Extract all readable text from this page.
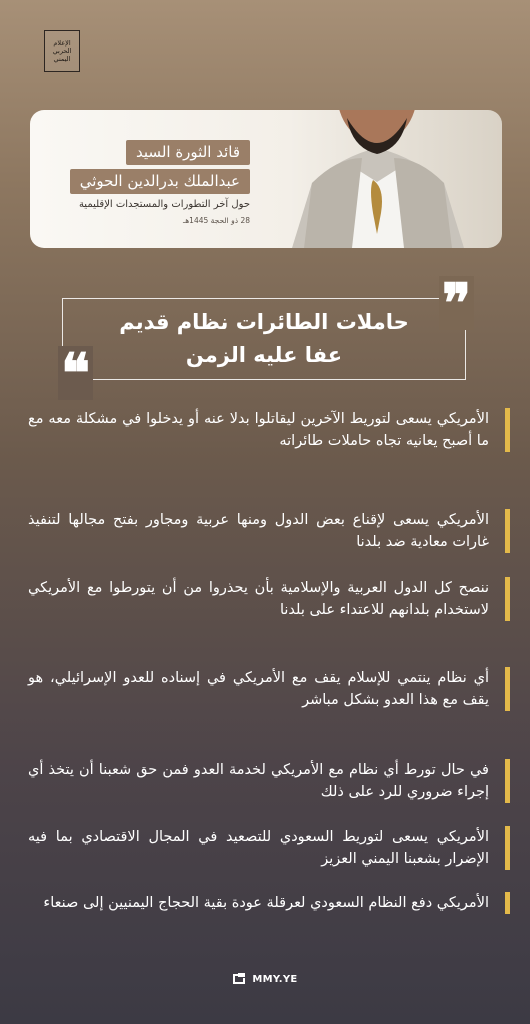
الإعلام
الحربي
اليمني
قائد الثورة السيد
عبدالملك بدرالدين الحوثي
حول آخر التطورات والمستجدات الإقليمية
28 ذو الحجة 1445هـ
حاملات الطائرات نظام قديم
عفا عليه الزمن
❞
❝
الأمريكي يسعى لتوريط الآخرين ليقاتلوا بدلا عنه أو يدخلوا في مشكلة معه مع ما أصبح يعانيه تجاه حاملات طائراته
الأمريكي يسعى لإقناع بعض الدول ومنها عربية ومجاور بفتح مجالها لتنفيذ غارات معادية ضد بلدنا
ننصح كل الدول العربية والإسلامية بأن يحذروا من أن يتورطوا مع الأمريكي لاستخدام بلدانهم للاعتداء على بلدنا
أي نظام ينتمي للإسلام يقف مع الأمريكي في إسناده للعدو الإسرائيلي، هو يقف مع هذا العدو بشكل مباشر
في حال تورط أي نظام مع الأمريكي لخدمة العدو فمن حق شعبنا أن يتخذ أي إجراء ضروري للرد على ذلك
الأمريكي يسعى لتوريط السعودي للتصعيد في المجال الاقتصادي بما فيه الإضرار بشعبنا اليمني العزيز
الأمريكي دفع النظام السعودي لعرقلة عودة بقية الحجاج اليمنيين إلى صنعاء
MMY.YE
